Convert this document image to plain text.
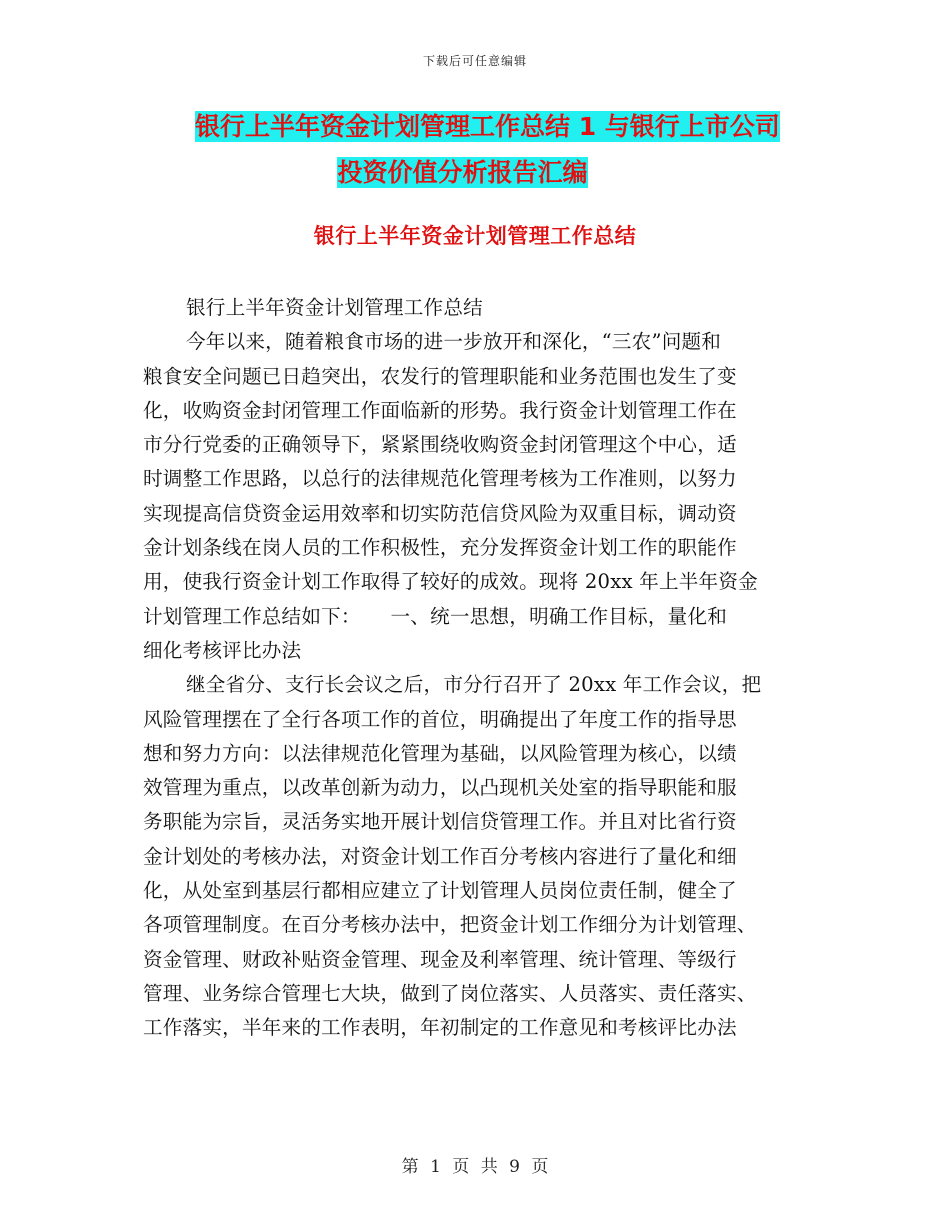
下载后可任意编辑
银行上半年资金计划管理工作总结 1 与银行上市公司
投资价值分析报告汇编
银行上半年资金计划管理工作总结
银行上半年资金计划管理工作总结
今年以来，随着粮食市场的进一步放开和深化，“三农”问题和
粮食安全问题已日趋突出，农发行的管理职能和业务范围也发生了变
化，收购资金封闭管理工作面临新的形势。我行资金计划管理工作在
市分行党委的正确领导下，紧紧围绕收购资金封闭管理这个中心，适
时调整工作思路，以总行的法律规范化管理考核为工作准则，以努力
实现提高信贷资金运用效率和切实防范信贷风险为双重目标，调动资
金计划条线在岗人员的工作积极性，充分发挥资金计划工作的职能作
用，使我行资金计划工作取得了较好的成效。现将 20xx 年上半年资金
计划管理工作总结如下：　　一、统一思想，明确工作目标，量化和
细化考核评比办法
继全省分、支行长会议之后，市分行召开了 20xx 年工作会议，把
风险管理摆在了全行各项工作的首位，明确提出了年度工作的指导思
想和努力方向：以法律规范化管理为基础，以风险管理为核心，以绩
效管理为重点，以改革创新为动力，以凸现机关处室的指导职能和服
务职能为宗旨，灵活务实地开展计划信贷管理工作。并且对比省行资
金计划处的考核办法，对资金计划工作百分考核内容进行了量化和细
化，从处室到基层行都相应建立了计划管理人员岗位责任制，健全了
各项管理制度。在百分考核办法中，把资金计划工作细分为计划管理、
资金管理、财政补贴资金管理、现金及利率管理、统计管理、等级行
管理、业务综合管理七大块，做到了岗位落实、人员落实、责任落实、
工作落实，半年来的工作表明，年初制定的工作意见和考核评比办法
第 1 页 共 9 页
